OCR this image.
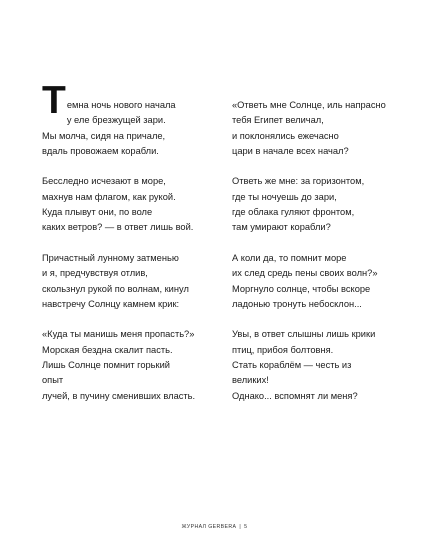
Темна ночь нового начала
у еле брезжущей зари.
Мы молча, сидя на причале,
вдаль провожаем корабли.
Бесследно исчезают в море,
махнув нам флагом, как рукой.
Куда плывут они, по воле
каких ветров? — в ответ лишь вой.
Причастный лунному затменью
и я, предчувствуя отлив,
скользнул рукой по волнам, кинул
навстречу Солнцу камнем крик:
«Куда ты манишь меня пропасть?»
Морская бездна скалит пасть.
Лишь Солнце помнит горький
опыт
лучей, в пучину сменивших власть.
«Ответь мне Солнце, иль напрасно
тебя Египет величал,
и поклонялись ежечасно
цари в начале всех начал?
Ответь же мне: за горизонтом,
где ты ночуешь до зари,
где облака гуляют фронтом,
там умирают корабли?
А коли да, то помнит море
их след средь пены своих волн?»
Моргнуло солнце, чтобы вскоре
ладонью тронуть небосклон...
Увы, в ответ слышны лишь крики
птиц, прибоя болтовня.
Стать кораблём — честь из
великих!
Однако... вспомнят ли меня?
ЖУРНАЛ GERBERA | 5
